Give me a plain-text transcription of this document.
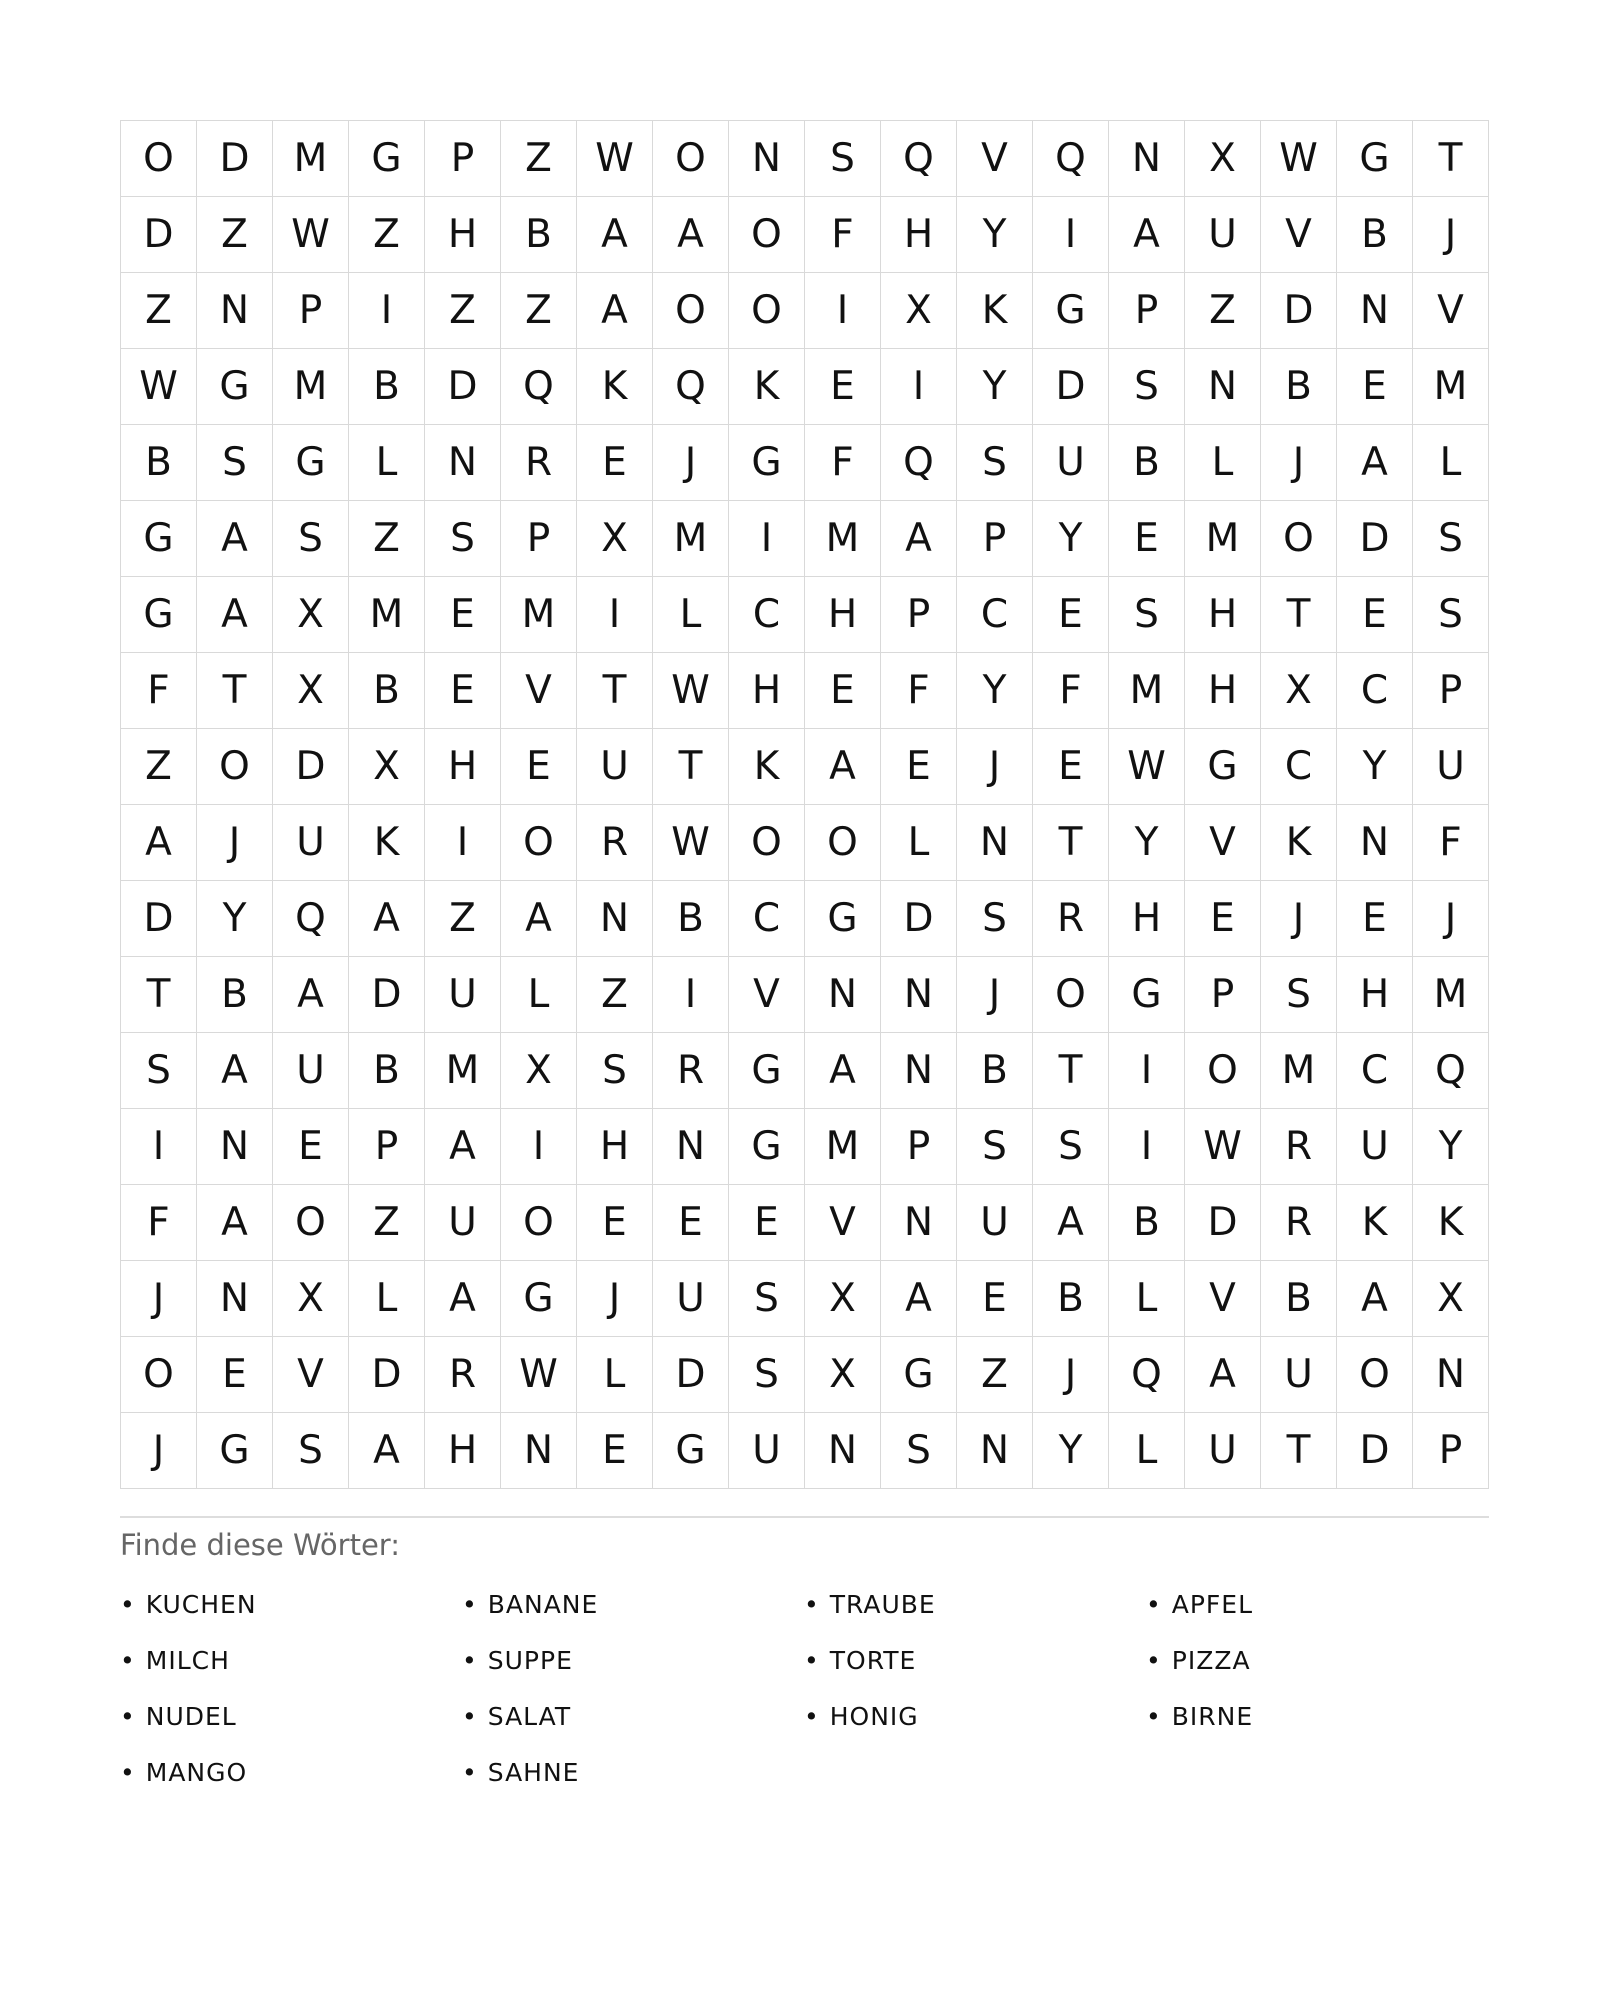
O	D	M	G	P	Z	W	O	N	S	Q	V	Q	N	X	W	G	T
D	Z	W	Z	H	B	A	A	O	F	H	Y	I	A	U	V	B	J
Z	N	P	I	Z	Z	A	O	O	I	X	K	G	P	Z	D	N	V
W	G	M	B	D	Q	K	Q	K	E	I	Y	D	S	N	B	E	M
B	S	G	L	N	R	E	J	G	F	Q	S	U	B	L	J	A	L
G	A	S	Z	S	P	X	M	I	M	A	P	Y	E	M	O	D	S
G	A	X	M	E	M	I	L	C	H	P	C	E	S	H	T	E	S
F	T	X	B	E	V	T	W	H	E	F	Y	F	M	H	X	C	P
Z	O	D	X	H	E	U	T	K	A	E	J	E	W	G	C	Y	U
A	J	U	K	I	O	R	W	O	O	L	N	T	Y	V	K	N	F
D	Y	Q	A	Z	A	N	B	C	G	D	S	R	H	E	J	E	J
T	B	A	D	U	L	Z	I	V	N	N	J	O	G	P	S	H	M
S	A	U	B	M	X	S	R	G	A	N	B	T	I	O	M	C	Q
I	N	E	P	A	I	H	N	G	M	P	S	S	I	W	R	U	Y
F	A	O	Z	U	O	E	E	E	V	N	U	A	B	D	R	K	K
J	N	X	L	A	G	J	U	S	X	A	E	B	L	V	B	A	X
O	E	V	D	R	W	L	D	S	X	G	Z	J	Q	A	U	O	N
J	G	S	A	H	N	E	G	U	N	S	N	Y	L	U	T	D	P
Finde diese Wörter:
• KUCHEN	• BANANE	• TRAUBE	• APFEL
• MILCH	• SUPPE	• TORTE	• PIZZA
• NUDEL	• SALAT	• HONIG	• BIRNE
• MANGO	• SAHNE
